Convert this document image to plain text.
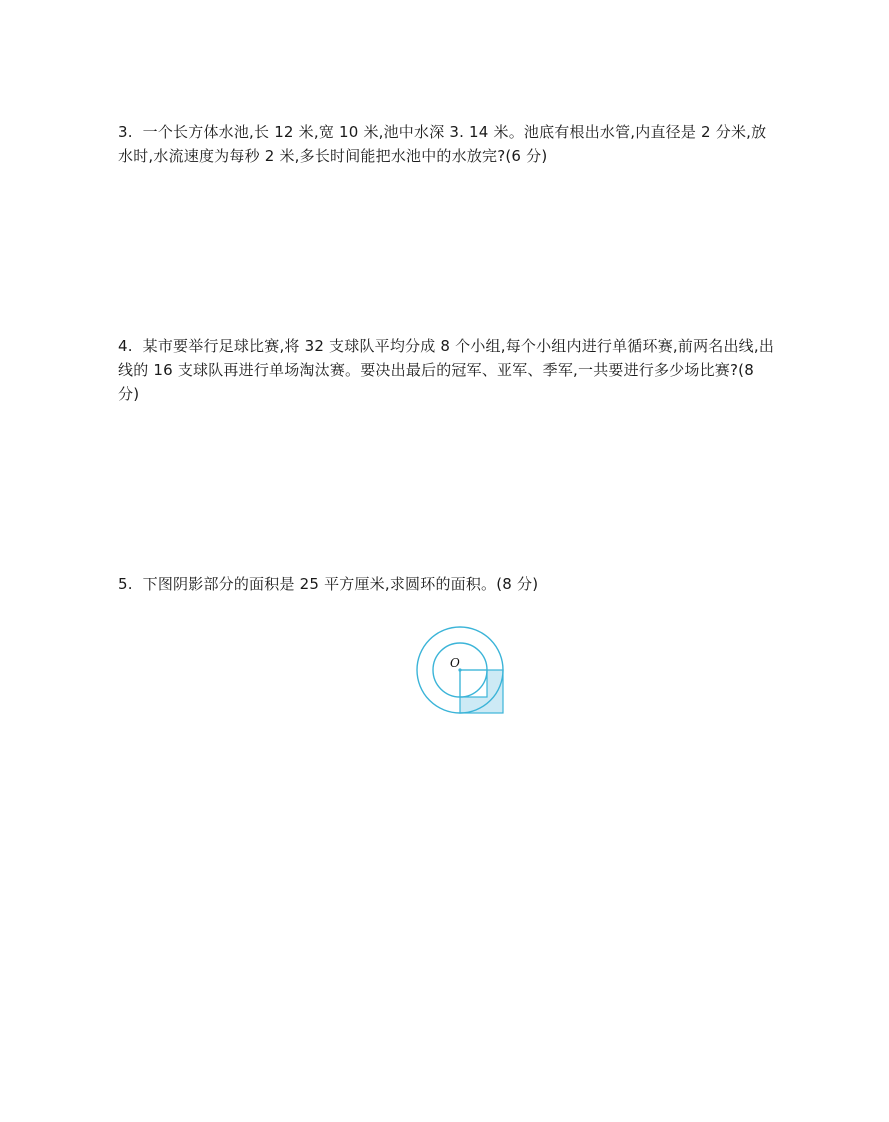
3. 一个长方体水池,长 12 米,宽 10 米,池中水深 3. 14 米。池底有根出水管,内直径是 2 分米,放水时,水流速度为每秒 2 米,多长时间能把水池中的水放完?(6 分)
4. 某市要举行足球比赛,将 32 支球队平均分成 8 个小组,每个小组内进行单循环赛,前两名出线,出线的 16 支球队再进行单场淘汰赛。要决出最后的冠军、亚军、季军,一共要进行多少场比赛?(8 分)
5. 下图阴影部分的面积是 25 平方厘米,求圆环的面积。(8 分)
O
